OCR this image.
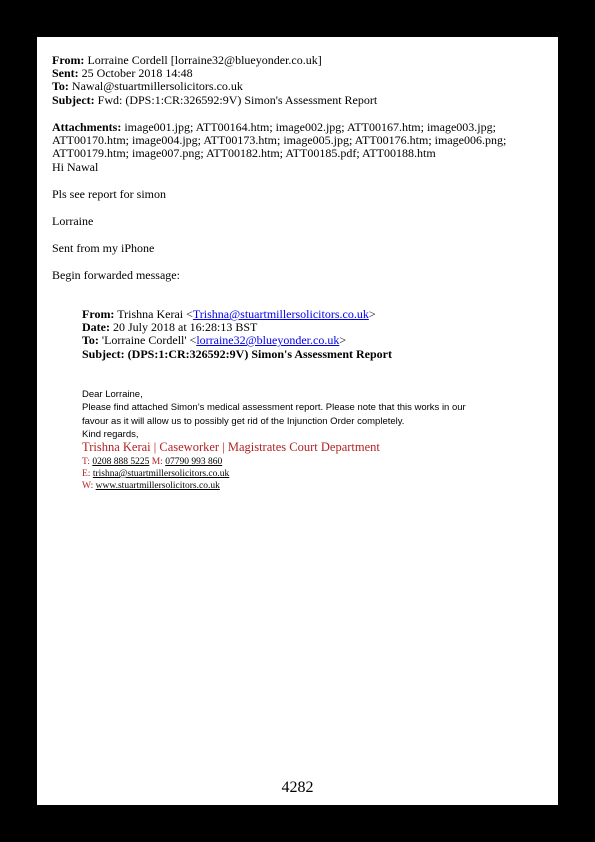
From: Lorraine Cordell [lorraine32@blueyonder.co.uk]
Sent: 25 October 2018 14:48
To: Nawal@stuartmillersolicitors.co.uk
Subject: Fwd: (DPS:1:CR:326592:9V) Simon's Assessment Report
Attachments: image001.jpg; ATT00164.htm; image002.jpg; ATT00167.htm; image003.jpg;
ATT00170.htm; image004.jpg; ATT00173.htm; image005.jpg; ATT00176.htm; image006.png;
ATT00179.htm; image007.png; ATT00182.htm; ATT00185.pdf; ATT00188.htm
Hi Nawal
Pls see report for simon
Lorraine
Sent from my iPhone
Begin forwarded message:
From: Trishna Kerai <Trishna@stuartmillersolicitors.co.uk>
Date: 20 July 2018 at 16:28:13 BST
To: 'Lorraine Cordell' <lorraine32@blueyonder.co.uk>
Subject: (DPS:1:CR:326592:9V) Simon's Assessment Report
Dear Lorraine,
Please find attached Simon’s medical assessment report. Please note that this works in our
favour as it will allow us to possibly get rid of the Injunction Order completely.
Kind regards,
Trishna Kerai | Caseworker | Magistrates Court Department
T: 0208 888 5225 M: 07790 993 860
E: trishna@stuartmillersolicitors.co.uk
W: www.stuartmillersolicitors.co.uk
4282
